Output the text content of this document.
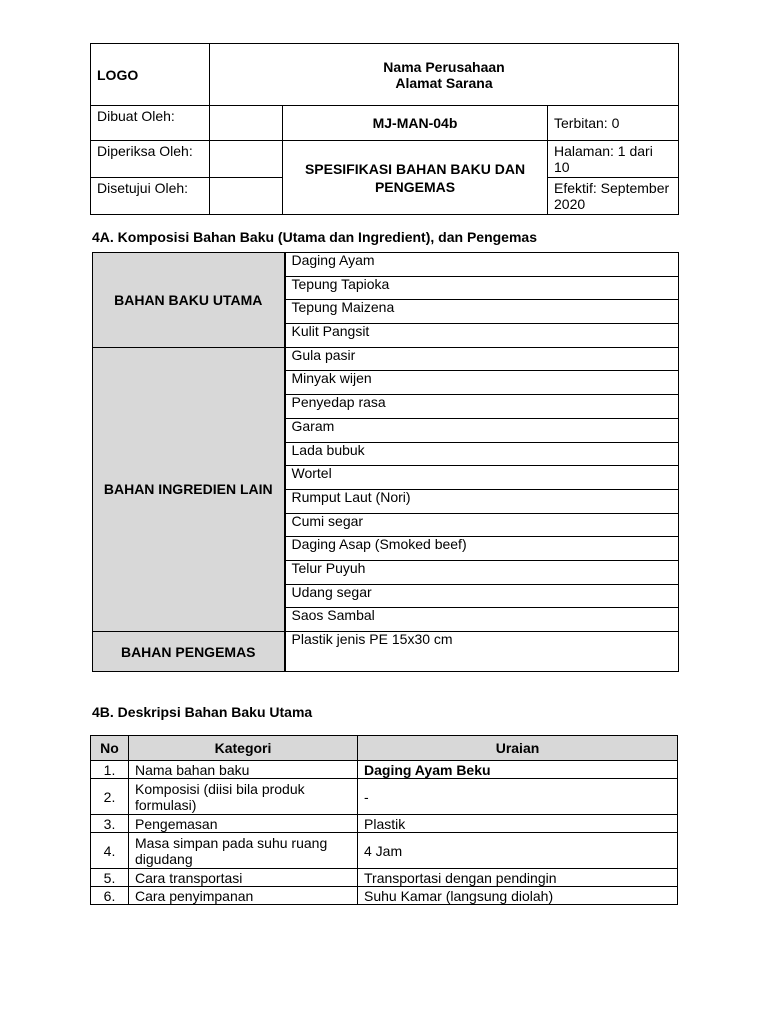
LOGO	Nama Perusahaan
Alamat Sarana		

Dibuat Oleh:		MJ-MAN-04b	Terbitan: 0
Diperiksa Oleh:		SPESIFIKASI BAHAN BAKU DAN PENGEMAS	Halaman: 1 dari 10
Disetujui Oleh:			Efektif: September 2020
4A. Komposisi Bahan Baku (Utama dan Ingredient), dan Pengemas
BAHAN BAKU UTAMA	Daging Ayam
	Tepung Tapioka
	Tepung Maizena
	Kulit Pangsit
BAHAN INGREDIEN LAIN	Gula pasir
	Minyak wijen
	Penyedap rasa
	Garam
	Lada bubuk
	Wortel
	Rumput Laut (Nori)
	Cumi segar
	Daging Asap (Smoked beef)
	Telur Puyuh
	Udang segar
	Saos Sambal
BAHAN PENGEMAS	Plastik jenis PE 15x30 cm
4B. Deskripsi Bahan Baku Utama
No	Kategori	Uraian
1.	Nama bahan baku	Daging Ayam Beku
2.	Komposisi (diisi bila produk formulasi)	-
3.	Pengemasan	Plastik
4.	Masa simpan pada suhu ruang digudang	4 Jam
5.	Cara transportasi	Transportasi dengan pendingin
6.	Cara penyimpanan	Suhu Kamar (langsung diolah)
